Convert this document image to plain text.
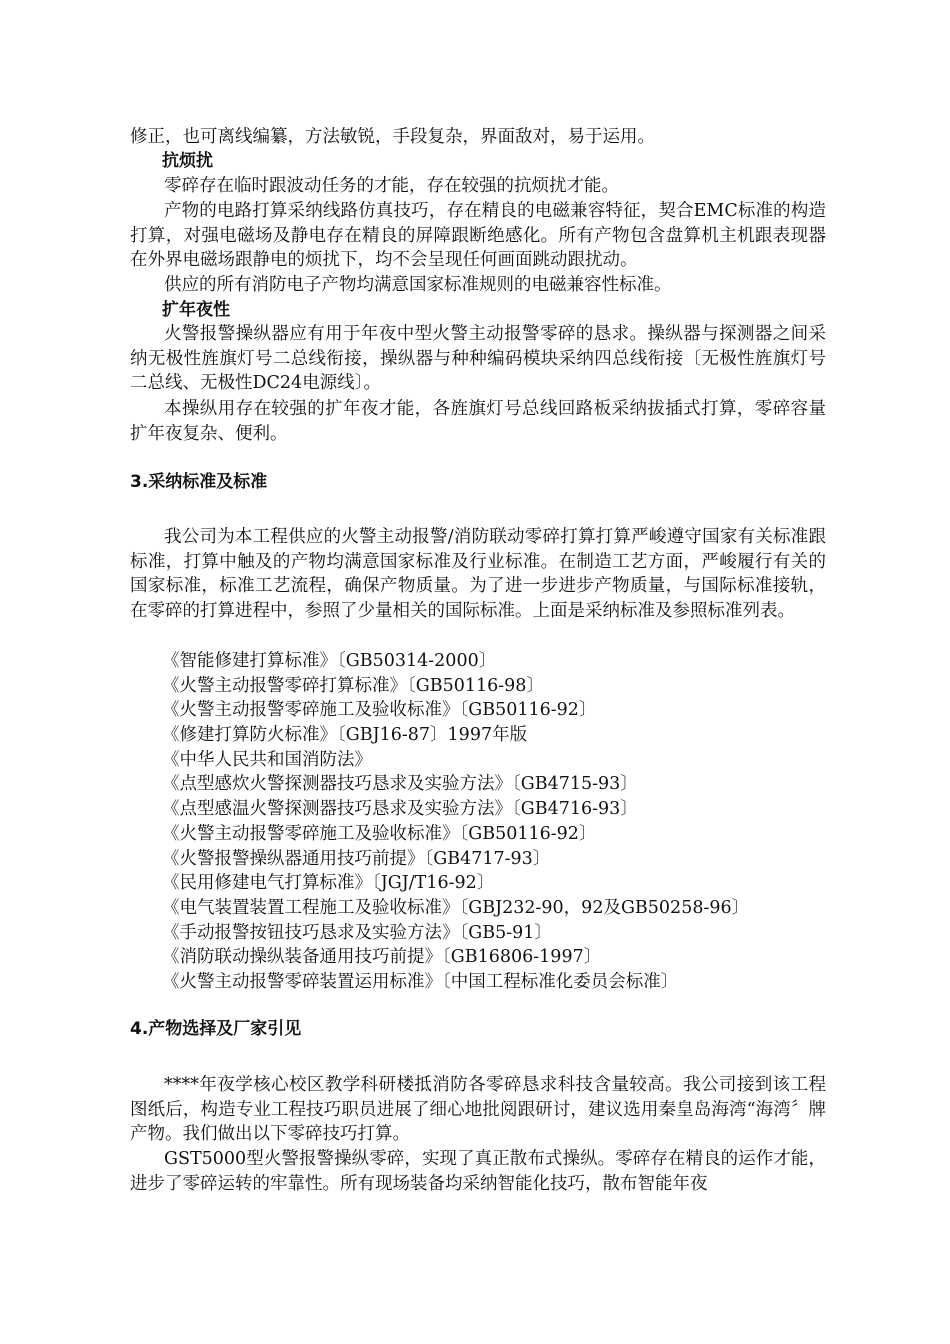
修正，也可离线编纂，方法敏锐，手段复杂，界面敌对，易于运用。

抗烦扰

零碎存在临时跟波动任务的才能，存在较强的抗烦扰才能。

产物的电路打算采纳线路仿真技巧，存在精良的电磁兼容特征，契合EMC标准的构造打算，对强电磁场及静电存在精良的屏障跟断绝感化。所有产物包含盘算机主机跟表现器在外界电磁场跟静电的烦扰下，均不会呈现任何画面跳动跟扰动。

供应的所有消防电子产物均满意国家标准规则的电磁兼容性标准。

扩年夜性

火警报警操纵器应有用于年夜中型火警主动报警零碎的恳求。操纵器与探测器之间采纳无极性旌旗灯号二总线衔接，操纵器与种种编码模块采纳四总线衔接〔无极性旌旗灯号二总线、无极性DC24电源线〕。

本操纵用存在较强的扩年夜才能，各旌旗灯号总线回路板采纳拔插式打算，零碎容量扩年夜复杂、便利。

3.采纳标准及标准

我公司为本工程供应的火警主动报警/消防联动零碎打算打算严峻遵守国家有关标准跟标准，打算中触及的产物均满意国家标准及行业标准。在制造工艺方面，严峻履行有关的国家标准，标准工艺流程，确保产物质量。为了进一步进步产物质量，与国际标准接轨，在零碎的打算进程中，参照了少量相关的国际标准。上面是采纳标准及参照标准列表。

《智能修建打算标准》〔GB50314-2000〕
《火警主动报警零碎打算标准》〔GB50116-98〕
《火警主动报警零碎施工及验收标准》〔GB50116-92〕
《修建打算防火标准》〔GBJ16-87〕1997年版
《中华人民共和国消防法》
《点型感炊火警探测器技巧恳求及实验方法》〔GB4715-93〕
《点型感温火警探测器技巧恳求及实验方法》〔GB4716-93〕
《火警主动报警零碎施工及验收标准》〔GB50116-92〕
《火警报警操纵器通用技巧前提》〔GB4717-93〕
《民用修建电气打算标准》〔JGJ/T16-92〕
《电气装置装置工程施工及验收标准》〔GBJ232-90，92及GB50258-96〕
《手动报警按钮技巧恳求及实验方法》〔GB5-91〕
《消防联动操纵装备通用技巧前提》〔GB16806-1997〕
《火警主动报警零碎装置运用标准》〔中国工程标准化委员会标准〕

4.产物选择及厂家引见

****年夜学核心校区教学科研楼抵消防各零碎恳求科技含量较高。我公司接到该工程图纸后，构造专业工程技巧职员进展了细心地批阅跟研讨，建议选用秦皇岛海湾“海湾〞牌产物。我们做出以下零碎技巧打算。

GST5000型火警报警操纵零碎，实现了真正散布式操纵。零碎存在精良的运作才能，进步了零碎运转的牢靠性。所有现场装备均采纳智能化技巧，散布智能年夜
